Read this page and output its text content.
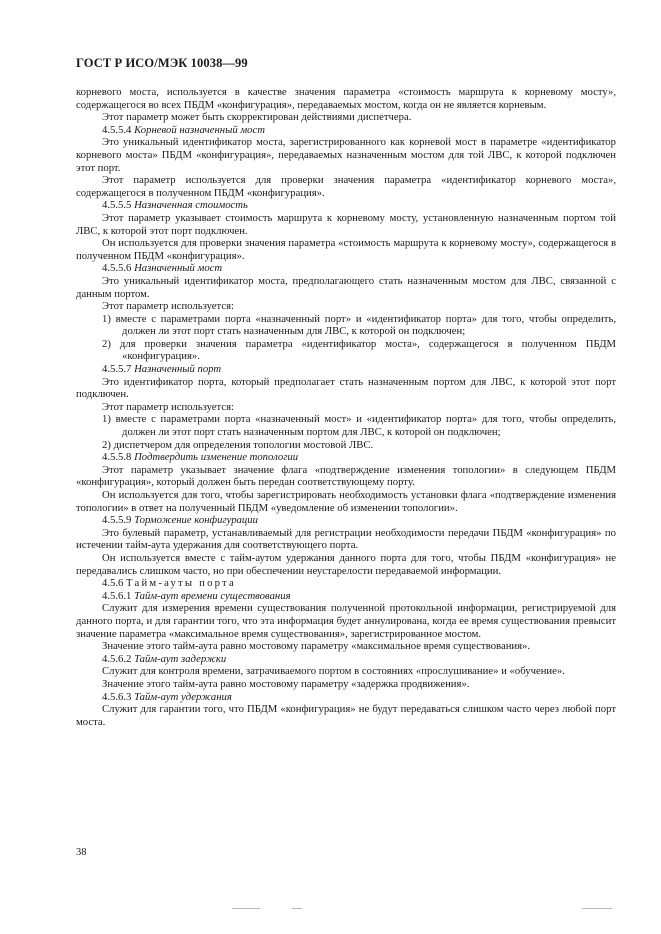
ГОСТ Р ИСО/МЭК 10038—99

корневого моста, используется в качестве значения параметра «стоимость маршрута к корневому мосту», содержащегося во всех ПБДМ «конфигурация», передаваемых мостом, когда он не является корневым.

Этот параметр может быть скорректирован действиями диспетчера.

4.5.5.4 Корневой назначенный мост

Это уникальный идентификатор моста, зарегистрированного как корневой мост в параметре «идентификатор корневого моста» ПБДМ «конфигурация», передаваемых назначенным мостом для той ЛВС, к которой подключен этот порт.

Этот параметр используется для проверки значения параметра «идентификатор корневого моста», содержащегося в полученном ПБДМ «конфигурация».

4.5.5.5 Назначенная стоимость

Этот параметр указывает стоимость маршрута к корневому мосту, установленную назначенным портом той ЛВС, к которой этот порт подключен.

Он используется для проверки значения параметра «стоимость маршрута к корневому мосту», содержащегося в полученном ПБДМ «конфигурация».

4.5.5.6 Назначенный мост

Это уникальный идентификатор моста, предполагающего стать назначенным мостом для ЛВС, связанной с данным портом.

Этот параметр используется:

1) вместе с параметрами порта «назначенный порт» и «идентификатор порта» для того, чтобы определить, должен ли этот порт стать назначенным для ЛВС, к которой он подключен;

2) для проверки значения параметра «идентификатор моста», содержащегося в полученном ПБДМ «конфигурация».

4.5.5.7 Назначенный порт

Это идентификатор порта, который предполагает стать назначенным портом для ЛВС, к которой этот порт подключен.

Этот параметр используется:

1) вместе с параметрами порта «назначенный мост» и «идентификатор порта» для того, чтобы определить, должен ли этот порт стать назначенным портом для ЛВС, к которой он подключен;

2) диспетчером для определения топологии мостовой ЛВС.

4.5.5.8 Подтвердить изменение топологии

Этот параметр указывает значение флага «подтверждение изменения топологии» в следующем ПБДМ «конфигурация», который должен быть передан соответствующему порту.

Он используется для того, чтобы зарегистрировать необходимость установки флага «подтверждение изменения топологии» в ответ на полученный ПБДМ «уведомление об изменении топологии».

4.5.5.9 Торможение конфигурации

Это булевый параметр, устанавливаемый для регистрации необходимости передачи ПБДМ «конфигурация» по истечении тайм-аута удержания для соответствующего порта.

Он используется вместе с тайм-аутом удержания данного порта для того, чтобы ПБДМ «конфигурация» не передавались слишком часто, но при обеспечении неустарелости передаваемой информации.

4.5.6 Тайм-ауты порта

4.5.6.1 Тайм-аут времени существования

Служит для измерения времени существования полученной протокольной информации, регистрируемой для данного порта, и для гарантии того, что эта информация будет аннулирована, когда ее время существования превысит значение параметра «максимальное время существования», зарегистрированное мостом.

Значение этого тайм-аута равно мостовому параметру «максимальное время существования».

4.5.6.2 Тайм-аут задержки

Служит для контроля времени, затрачиваемого портом в состояниях «прослушивание» и «обучение».

Значение этого тайм-аута равно мостовому параметру «задержка продвижения».

4.5.6.3 Тайм-аут удержания

Служит для гарантии того, что ПБДМ «конфигурация» не будут передаваться слишком часто через любой порт моста.

38
